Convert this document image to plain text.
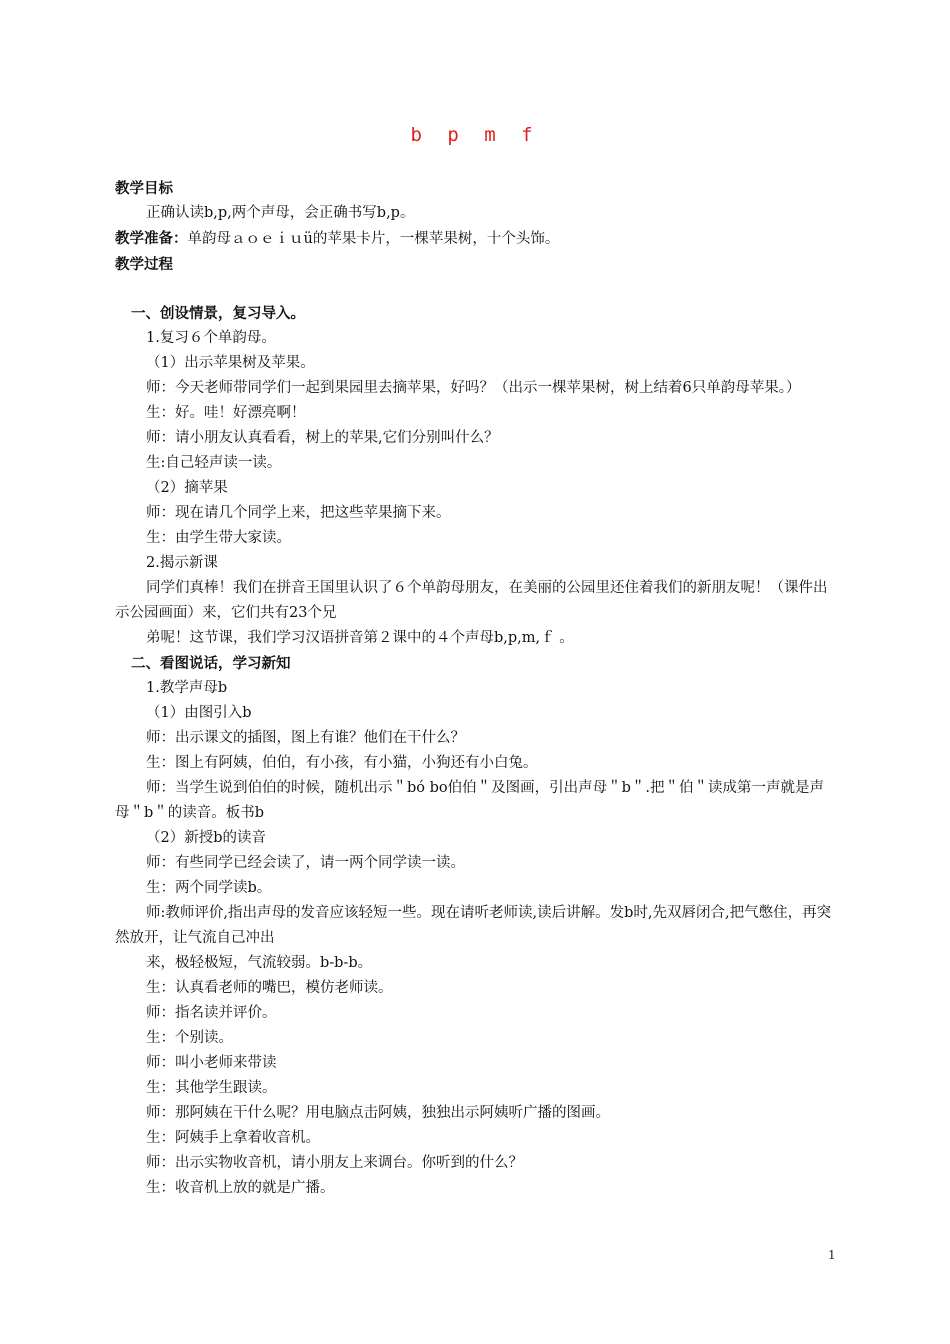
b p m f

教学目标

正确认读b,p,两个声母，会正确书写b,p。

教学准备：单韵母ａｏｅｉｕü的苹果卡片，一棵苹果树，十个头饰。

教学过程

一、创设情景，复习导入。

1.复习６个单韵母。

（1）出示苹果树及苹果。

师：今天老师带同学们一起到果园里去摘苹果，好吗？（出示一棵苹果树，树上结着6只单韵母苹果。）

生：好。哇！好漂亮啊！

师：请小朋友认真看看，树上的苹果,它们分别叫什么？

生:自己轻声读一读。

（2）摘苹果

师：现在请几个同学上来，把这些苹果摘下来。

生：由学生带大家读。

2.揭示新课

同学们真棒！我们在拼音王国里认识了６个单韵母朋友，在美丽的公园里还住着我们的新朋友呢！（课件出示公园画面）来，它们共有23个兄

弟呢！这节课，我们学习汉语拼音第２课中的４个声母b,p,m,ｆ 。

二、看图说话，学习新知

1.教学声母b

（1）由图引入b

师：出示课文的插图，图上有谁？他们在干什么？

生：图上有阿姨，伯伯，有小孩，有小猫，小狗还有小白兔。

师：当学生说到伯伯的时候，随机出示＂bó bo伯伯＂及图画，引出声母＂b＂.把＂伯＂读成第一声就是声母＂b＂的读音。板书b

（2）新授b的读音

师：有些同学已经会读了，请一两个同学读一读。

生：两个同学读b。

师:教师评价,指出声母的发音应该轻短一些。现在请听老师读,读后讲解。发b时,先双唇闭合,把气憋住，再突然放开，让气流自己冲出

来，极轻极短，气流较弱。b-b-b。

生：认真看老师的嘴巴，模仿老师读。

师：指名读并评价。

生：个别读。

师：叫小老师来带读

生：其他学生跟读。

师：那阿姨在干什么呢？用电脑点击阿姨，独独出示阿姨听广播的图画。

生：阿姨手上拿着收音机。

师：出示实物收音机，请小朋友上来调台。你听到的什么？

生：收音机上放的就是广播。

1
